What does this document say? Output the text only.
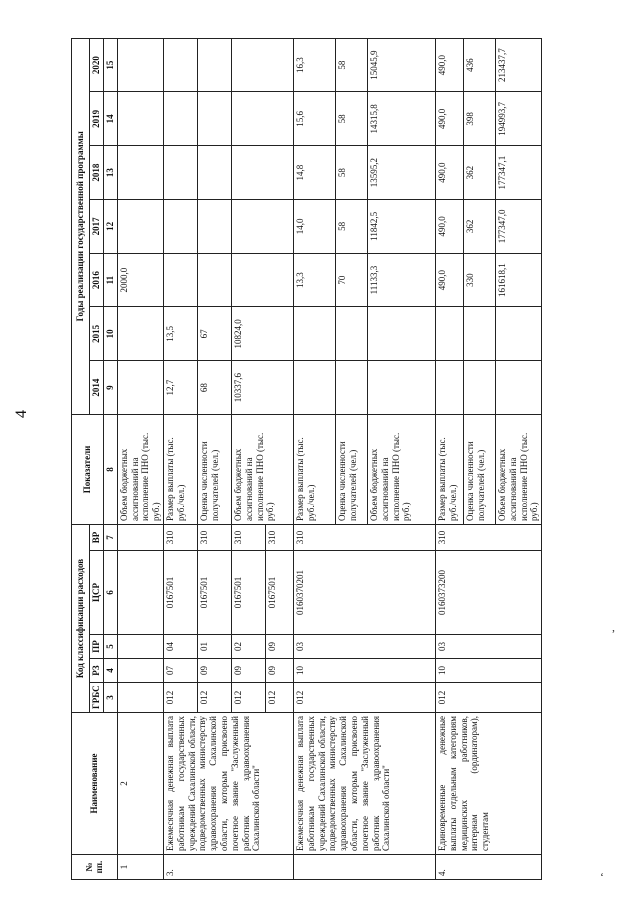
4
,
‘
№ пп.	Наименование	Код классификации расходов					Показатели	Годы реализации государственной программы						
		ГРБС	РЗ	ПР	ЦСР	ВР		2014	2015	2016	2017	2018	2019	2020
		3	4	5	6	7	8	9	10	11	12	13	14	15
1	2						Объем бюджетных ассигнований на исполнение ПНО (тыс. руб.)			2000,0				
3.	Ежемесячная денежная выплата работникам государственных учреждений Сахалинской области, подведомственных министерству здравоохранения Сахалинской области, которым присвоено почетное звание "Заслуженный работник здравоохранения Сахалинской области"	012	07	04	0167501	310	Размер выплаты (тыс. руб./чел.)	12,7	13,5					
		012	09	01	0167501	310	Оценка численности получателей (чел.)	68	67					
		012	09	02	0167501	310	Объем бюджетных ассигнований на исполнение ПНО (тыс. руб.)	10337,6	10824,0					
		012	09	09	0167501	310								
	Ежемесячная денежная выплата работникам государственных учреждений Сахалинской области, подведомственных министерству здравоохранения Сахалинской области, которым присвоено почетное звание "Заслуженный работник здравоохранения Сахалинской области"	012	10	03	0160370201	310	Размер выплаты (тыс. руб./чел.)			13,3	14,0	14,8	15,6	16,3
							Оценка численности получателей (чел.)			70	58	58	58	58
							Объем бюджетных ассигнований на исполнение ПНО (тыс. руб.)			11133,3	11842,5	13595,2	14315,8	15045,9
4.	Единовременные денежные выплаты отдельным категориям медицинских работников, интернам (ординаторам), студентам	012	10	03	0160373200	310	Размер выплаты (тыс. руб./чел.)			490,0	490,0	490,0	490,0	490,0
							Оценка численности получателей (чел.)			330	362	362	398	436
							Объем бюджетных ассигнований на исполнение ПНО (тыс. руб.)			161618,1	177347,0	177347,1	194993,7	213437,7
